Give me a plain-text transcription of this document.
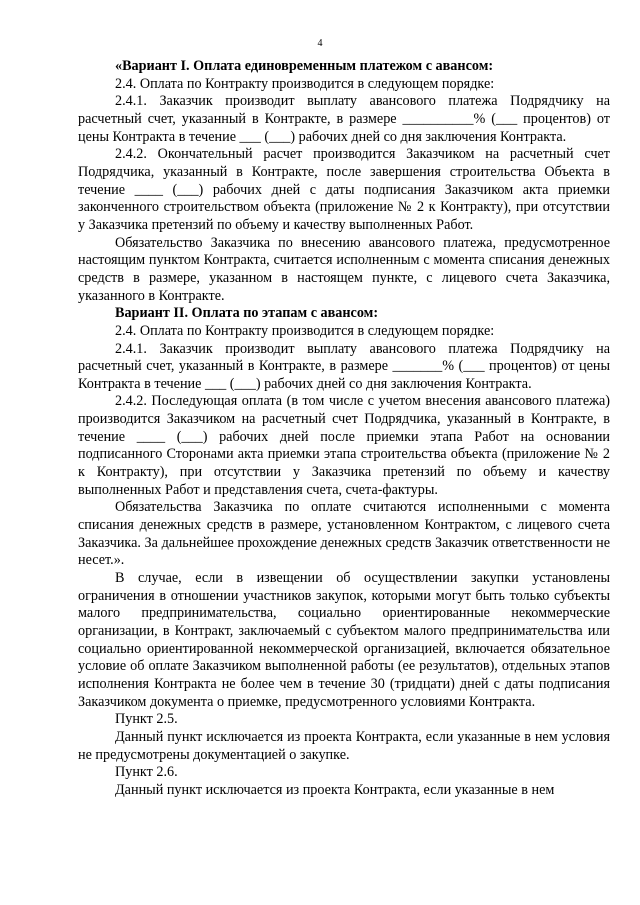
4

«Вариант I. Оплата единовременным платежом с авансом:

2.4. Оплата по Контракту производится в следующем порядке:

2.4.1. Заказчик производит выплату авансового платежа Подрядчику на расчетный счет, указанный в Контракте, в размере __________% (___ процентов) от цены Контракта в течение ___ (___) рабочих дней со дня заключения Контракта.

2.4.2. Окончательный расчет производится Заказчиком на расчетный счет Подрядчика, указанный в Контракте, после завершения строительства Объекта в течение ____ (___) рабочих дней с даты подписания Заказчиком акта приемки законченного строительством объекта (приложение № 2 к Контракту), при отсутствии у Заказчика претензий по объему и качеству выполненных Работ.

Обязательство Заказчика по внесению авансового платежа, предусмотренное настоящим пунктом Контракта, считается исполненным с момента списания денежных средств в размере, указанном в настоящем пункте, с лицевого счета Заказчика, указанного в Контракте.

Вариант II. Оплата по этапам с авансом:

2.4. Оплата по Контракту производится в следующем порядке:

2.4.1. Заказчик производит выплату авансового платежа Подрядчику на расчетный счет, указанный в Контракте, в размере _______% (___ процентов) от цены Контракта в течение ___ (___) рабочих дней со дня заключения Контракта.

2.4.2. Последующая оплата (в том числе с учетом внесения авансового платежа) производится Заказчиком на расчетный счет Подрядчика, указанный в Контракте, в течение ____ (___) рабочих дней после приемки этапа Работ на основании подписанного Сторонами акта приемки этапа строительства объекта (приложение № 2 к Контракту), при отсутствии у Заказчика претензий по объему и качеству выполненных Работ и представления счета, счета-фактуры.

Обязательства Заказчика по оплате считаются исполненными с момента списания денежных средств в размере, установленном Контрактом, с лицевого счета Заказчика. За дальнейшее прохождение денежных средств Заказчик ответственности не несет.».

В случае, если в извещении об осуществлении закупки установлены ограничения в отношении участников закупок, которыми могут быть только субъекты малого предпринимательства, социально ориентированные некоммерческие организации, в Контракт, заключаемый с субъектом малого предпринимательства или социально ориентированной некоммерческой организацией, включается обязательное условие об оплате Заказчиком выполненной работы (ее результатов), отдельных этапов исполнения Контракта не более чем в течение 30 (тридцати) дней с даты подписания Заказчиком документа о приемке, предусмотренного условиями Контракта.

Пункт 2.5.

Данный пункт исключается из проекта Контракта, если указанные в нем условия не предусмотрены документацией о закупке.

Пункт 2.6.

Данный пункт исключается из проекта Контракта, если указанные в нем
